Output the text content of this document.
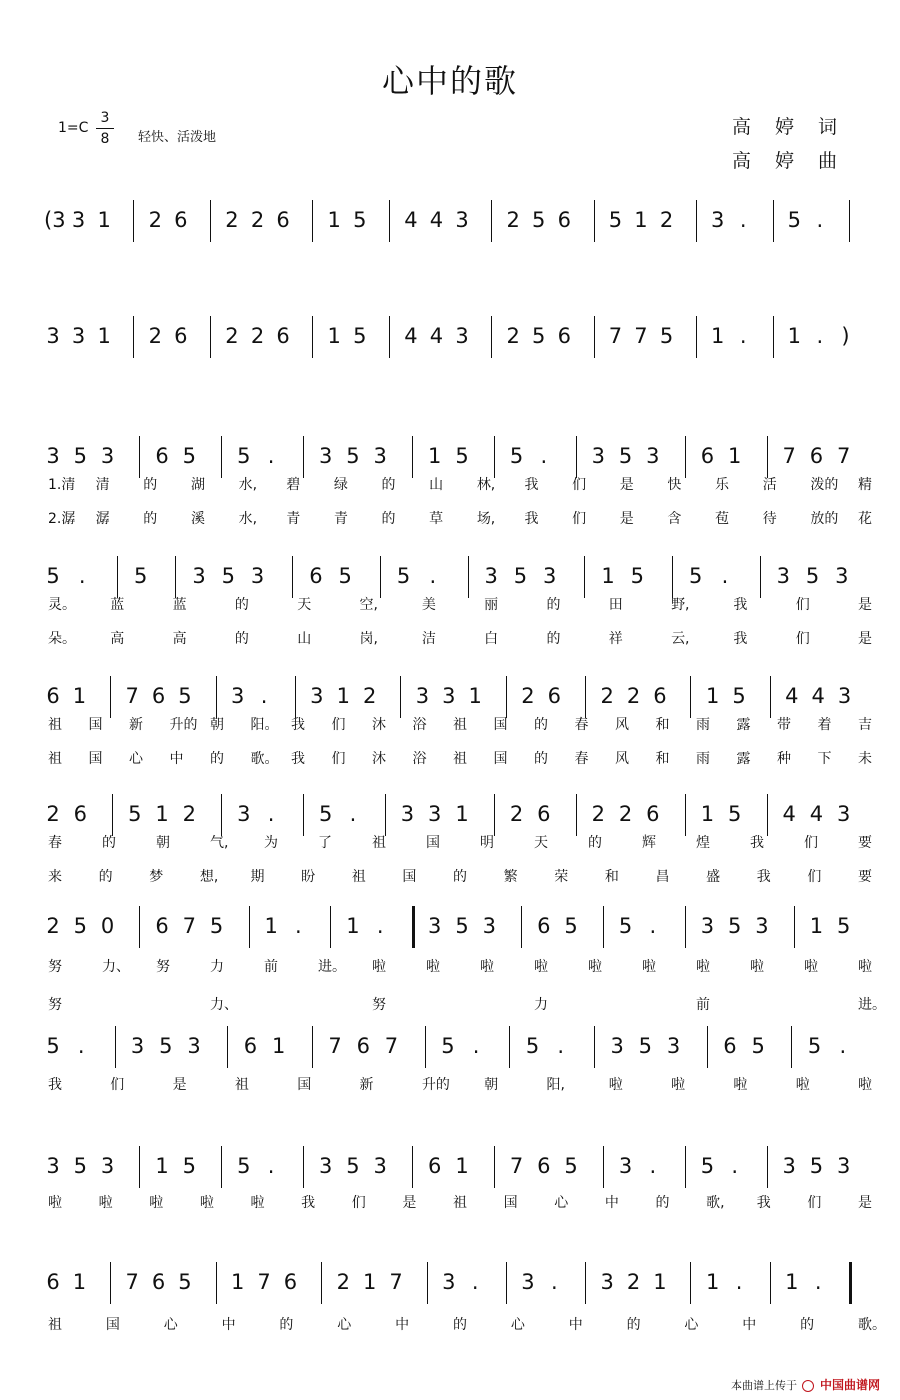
心中的歌
1=C
3
8	轻快、活泼地	高婷词
高婷曲
(3 3 1 2 6 2 2 6 1 5 4 4 3 2 5 6 5 1 2 3 . 5 .
3 3 1 2 6 2 2 6 1 5 4 4 3 2 5 6 7 7 5 1 . 1 . )
3 5 3 6 5 5 . 3 5 3 1 5 5 . 3 5 3 6 1 7 6 7
5 . 5 3 5 3 6 5 5 . 3 5 3 1 5 5 . 3 5 3
6 1 7 6 5 3 . 3 1 2 3 3 1 2 6 2 2 6 1 5 4 4 3
2 6 5 1 2 3 . 5 . 3 3 1 2 6 2 2 6 1 5 4 4 3
2 5 0 6 7 5 1 . 1 . 3 5 3 6 5 5 . 3 5 3 1 5
5 . 3 5 3 6 1 7 6 7 5 . 5 . 3 5 3 6 5 5 .
3 5 3 1 5 5 . 3 5 3 6 1 7 6 5 3 . 5 . 3 5 3
6 1 7 6 5 1 7 6 2 1 7 3 . 3 . 3 2 1 1 . 1 .
1.清 清 的 湖 水, 碧 绿 的 山 林, 我 们 是 快 乐 活 泼的 精
2.潺 潺 的 溪 水, 青 青 的 草 场, 我 们 是 含 苞 待 放的 花
灵。 蓝	蓝	的	天	空,	美	丽	的	田	野,	我	们	是
朵。 高	高	的	山	岗,	洁	白	的	祥	云,	我	们	是
祖 国 新 升的 朝 阳。 我 们 沐 浴 祖 国 的 春 风 和 雨 露 带 着 吉
祖 国 心 中 的 歌。 我 们 沐 浴 祖 国 的 春 风 和 雨 露 种 下 未
春	的	朝	气,	为	了	祖	国	明	天	的	辉	煌	我	们	要
来	的	梦	想, 期	盼	祖	国	的	繁	荣	和	昌	盛	我	们	要
努	力、 努	力	前	进。 啦	啦	啦	啦	啦	啦	啦	啦	啦	啦
努	力、	努	力	前	进。
我	们	是	祖	国	新	升的 朝	阳,	啦	啦	啦	啦	啦
啦	啦	啦	啦	啦	我	们	是	祖	国	心	中	的	歌, 我	们	是
祖	国	心	中	的	心	中	的	心	中	的	心	中	的	歌。
本曲谱上传于 中国曲谱网
